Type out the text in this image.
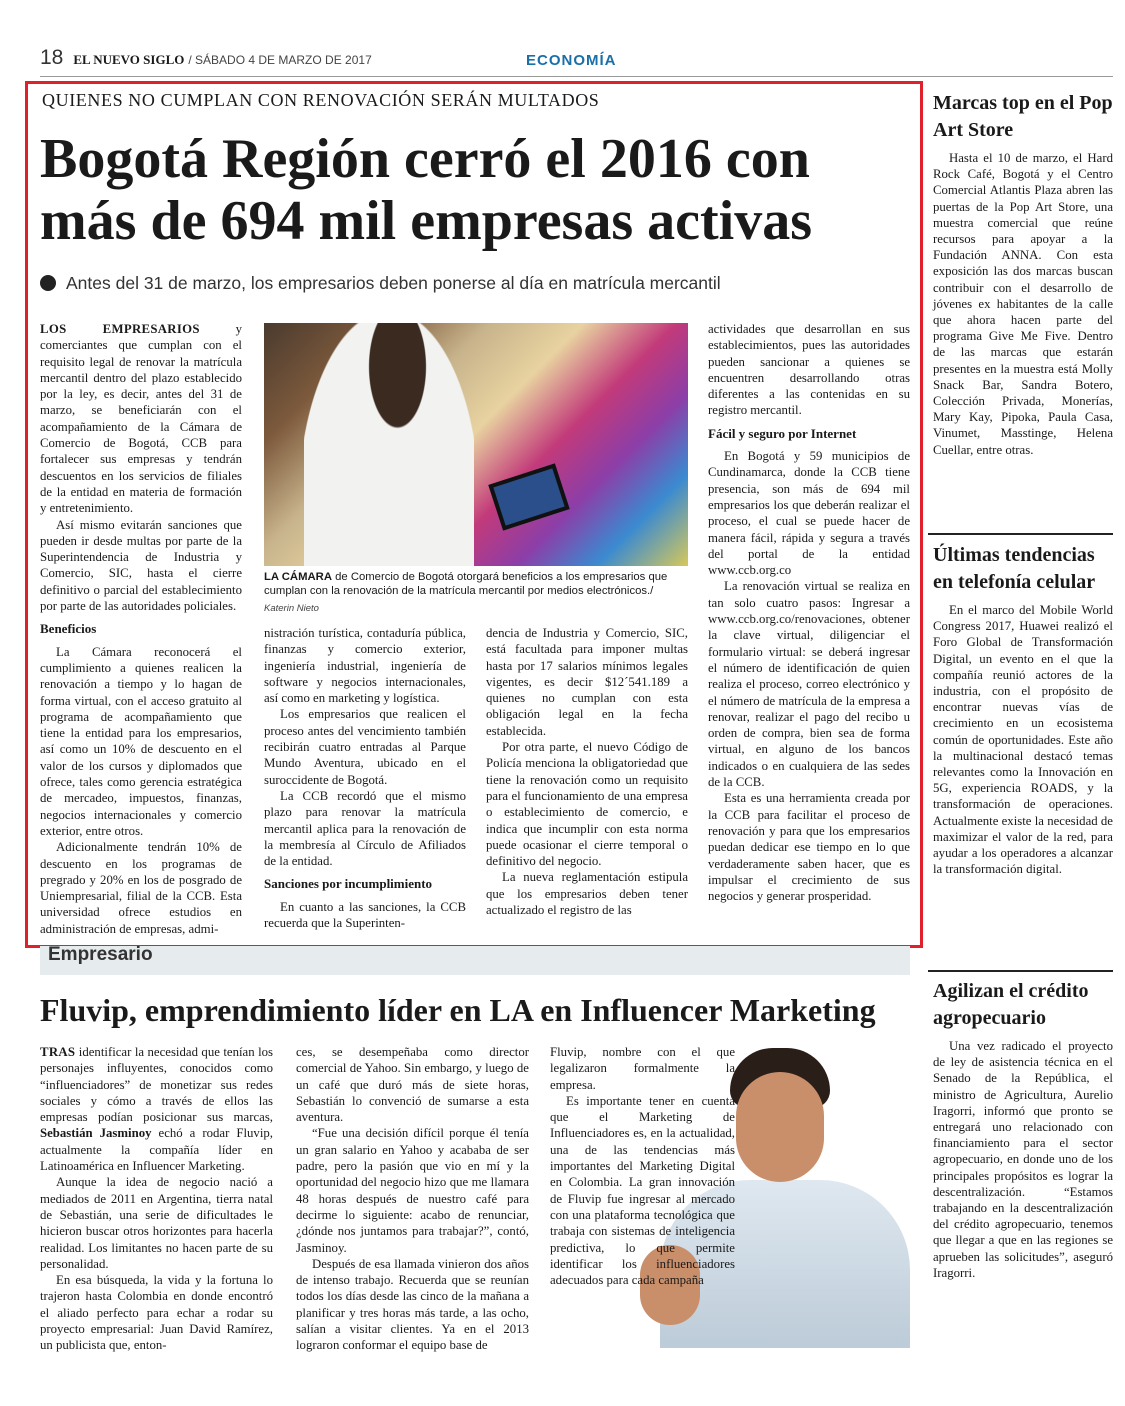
18 EL NUEVO SIGLO / SÁBADO 4 DE MARZO DE 2017	ECONOMÍA
QUIENES NO CUMPLAN CON RENOVACIÓN SERÁN MULTADOS
Bogotá Región cerró el 2016 con más de 694 mil empresas activas
Antes del 31 de marzo, los empresarios deben ponerse al día en matrícula mercantil

LOS EMPRESARIOS y comerciantes que cumplan con el requisito legal de renovar la matrícula mercantil dentro del plazo establecido por la ley, es decir, antes del 31 de marzo, se beneficiarán con el acompañamiento de la Cámara de Comercio de Bogotá, CCB para fortalecer sus empresas y tendrán descuentos en los servicios de filiales de la entidad en materia de formación y entretenimiento.

Así mismo evitarán sanciones que pueden ir desde multas por parte de la Superintendencia de Industria y Comercio, SIC, hasta el cierre definitivo o parcial del establecimiento por parte de las autoridades policiales.

Beneficios

La Cámara reconocerá el cumplimiento a quienes realicen la renovación a tiempo y lo hagan de forma virtual, con el acceso gratuito al programa de acompañamiento que tiene la entidad para los empresarios, así como un 10% de descuento en el valor de los cursos y diplomados que ofrece, tales como gerencia estratégica de mercadeo, impuestos, finanzas, negocios internacionales y comercio exterior, entre otros.

Adicionalmente tendrán 10% de descuento en los programas de pregrado y 20% en los de posgrado de Uniempresarial, filial de la CCB. Esta universidad ofrece estudios en administración de empresas, admi-

LA CÁMARA de Comercio de Bogotá otorgará beneficios a los empresarios que cumplan con la renovación de la matrícula mercantil por medios electrónicos./
Katerin Nieto

nistración turística, contaduría pública, finanzas y comercio exterior, ingeniería industrial, ingeniería de software y negocios internacionales, así como en marketing y logística.

Los empresarios que realicen el proceso antes del vencimiento también recibirán cuatro entradas al Parque Mundo Aventura, ubicado en el suroccidente de Bogotá.

La CCB recordó que el mismo plazo para renovar la matrícula mercantil aplica para la renovación de la membresía al Círculo de Afiliados de la entidad.

Sanciones por incumplimiento

En cuanto a las sanciones, la CCB recuerda que la Superinten-

dencia de Industria y Comercio, SIC, está facultada para imponer multas hasta por 17 salarios mínimos legales vigentes, es decir $12´541.189 a quienes no cumplan con esta obligación legal en la fecha establecida.

Por otra parte, el nuevo Código de Policía menciona la obligatoriedad que tiene la renovación como un requisito para el funcionamiento de una empresa o establecimiento de comercio, e indica que incumplir con esta norma puede ocasionar el cierre temporal o definitivo del negocio.

La nueva reglamentación estipula que los empresarios deben tener actualizado el registro de las

actividades que desarrollan en sus establecimientos, pues las autoridades pueden sancionar a quienes se encuentren desarrollando otras diferentes a las contenidas en su registro mercantil.

Fácil y seguro por Internet

En Bogotá y 59 municipios de Cundinamarca, donde la CCB tiene presencia, son más de 694 mil empresarios los que deberán realizar el proceso, el cual se puede hacer de manera fácil, rápida y segura a través del portal de la entidad www.ccb.org.co

La renovación virtual se realiza en tan solo cuatro pasos: Ingresar a www.ccb.org.co/renovaciones, obtener la clave virtual, diligenciar el formulario virtual: se deberá ingresar el número de identificación de quien realiza el proceso, correo electrónico y el número de matrícula de la empresa a renovar, realizar el pago del recibo u orden de compra, bien sea de forma virtual, en alguno de los bancos indicados o en cualquiera de las sedes de la CCB.

Esta es una herramienta creada por la CCB para facilitar el proceso de renovación y para que los empresarios puedan dedicar ese tiempo en lo que verdaderamente saben hacer, que es impulsar el crecimiento de sus negocios y generar prosperidad.

Marcas top en el Pop Art Store
Hasta el 10 de marzo, el Hard Rock Café, Bogotá y el Centro Comercial Atlantis Plaza abren las puertas de la Pop Art Store, una muestra comercial que reúne recursos para apoyar a la Fundación ANNA. Con esta exposición las dos marcas buscan contribuir con el desarrollo de jóvenes ex habitantes de la calle que ahora hacen parte del programa Give Me Five. Dentro de las marcas que estarán presentes en la muestra está Molly Snack Bar, Sandra Botero, Colección Privada, Monerías, Mary Kay, Pipoka, Paula Casa, Vinumet, Masstinge, Helena Cuellar, entre otras.
Últimas tendencias en telefonía celular
En el marco del Mobile World Congress 2017, Huawei realizó el Foro Global de Transformación Digital, un evento en el que la compañía reunió actores de la industria, con el propósito de encontrar nuevas vías de crecimiento en un ecosistema común de oportunidades. Este año la multinacional destacó temas relevantes como la Innovación en 5G, experiencia ROADS, y la transformación de operaciones. Actualmente existe la necesidad de maximizar el valor de la red, para ayudar a los operadores a alcanzar la transformación digital.
Agilizan el crédito agropecuario
Una vez radicado el proyecto de ley de asistencia técnica en el Senado de la República, el ministro de Agricultura, Aurelio Iragorri, informó que pronto se entregará uno relacionado con financiamiento para el sector agropecuario, en donde uno de los principales propósitos es lograr la descentralización. “Estamos trabajando en la descentralización del crédito agropecuario, tenemos que llegar a que en las regiones se aprueben las solicitudes”, aseguró Iragorri.
Empresario
Fluvip, emprendimiento líder en LA en Influencer Marketing

TRAS identificar la necesidad que tenían los personajes influyentes, conocidos como “influenciadores” de monetizar sus redes sociales y cómo a través de ellos las empresas podían posicionar sus marcas, Sebastián Jasminoy echó a rodar Fluvip, actualmente la compañía líder en Latinoamérica en Influencer Marketing.

Aunque la idea de negocio nació a mediados de 2011 en Argentina, tierra natal de Sebastián, una serie de dificultades le hicieron buscar otros horizontes para hacerla realidad. Los limitantes no hacen parte de su personalidad.

En esa búsqueda, la vida y la fortuna lo trajeron hasta Colombia en donde encontró el aliado perfecto para echar a rodar su proyecto empresarial: Juan David Ramírez, un publicista que, enton-

ces, se desempeñaba como director comercial de Yahoo. Sin embargo, y luego de un café que duró más de siete horas, Sebastián lo convenció de sumarse a esta aventura.

“Fue una decisión difícil porque él tenía un gran salario en Yahoo y acababa de ser padre, pero la pasión que vio en mí y la oportunidad del negocio hizo que me llamara 48 horas después de nuestro café para decirme lo siguiente: acabo de renunciar, ¿dónde nos juntamos para trabajar?”, contó, Jasminoy.

Después de esa llamada vinieron dos años de intenso trabajo. Recuerda que se reunían todos los días desde las cinco de la mañana a planificar y tres horas más tarde, a las ocho, salían a visitar clientes. Ya en el 2013 lograron conformar el equipo base de

Fluvip, nombre con el que legalizaron formalmente la empresa.

Es importante tener en cuenta que el Marketing de Influenciadores es, en la actualidad, una de las tendencias más importantes del Marketing Digital en Colombia. La gran innovación de Fluvip fue ingresar al mercado con una plataforma tecnológica que trabaja con sistemas de inteligencia predictiva, lo que permite identificar los influenciadores adecuados para cada campaña
